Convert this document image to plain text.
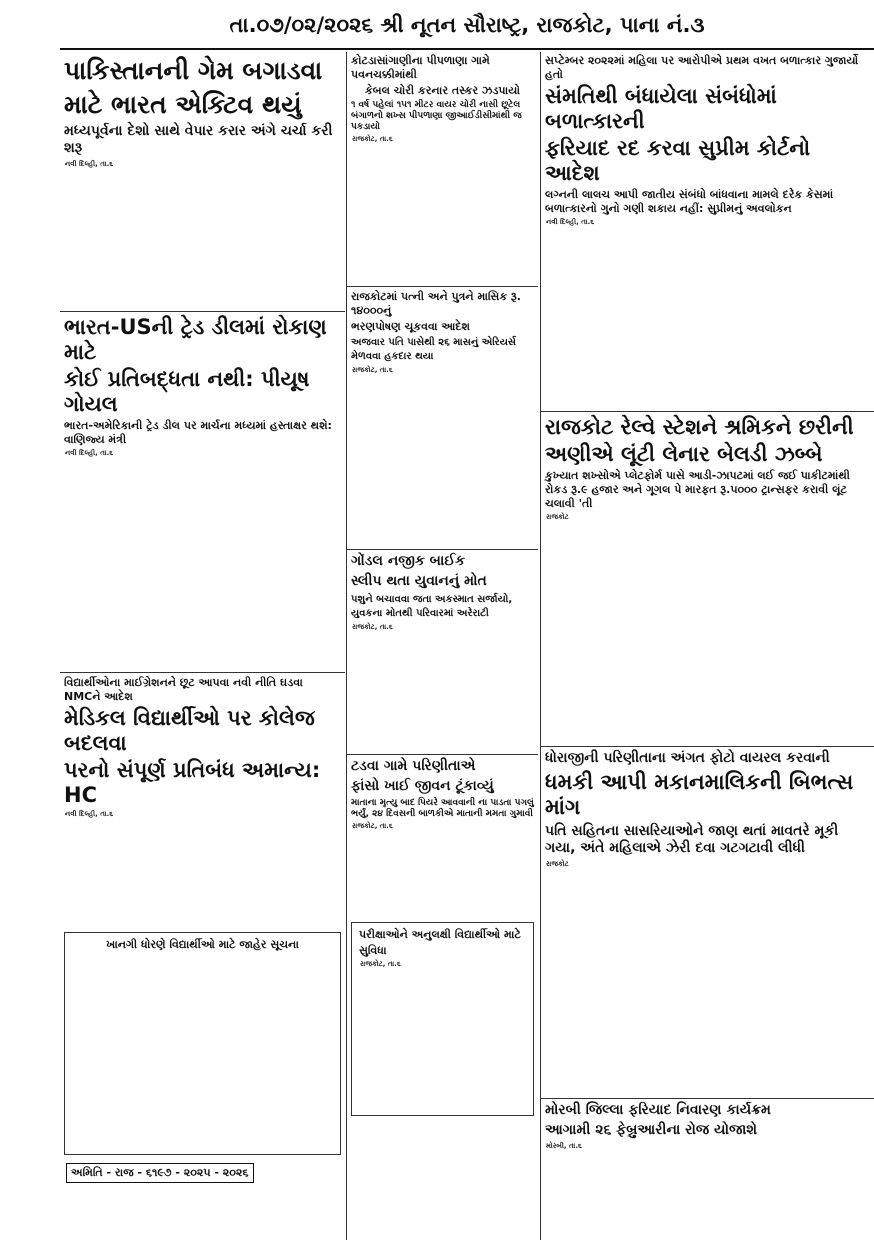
તા.૦૭/૦૨/૨૦૨૬ શ્રી નૂતન સૌરાષ્ટ્ર, રાજકોટ, પાના નં.૩
પાકિસ્તાનની ગેમ બગાડવા
માટે ભારત એક્ટિવ થયું
મધ્યપૂર્વના દેશો સાથે વેપાર કરાર અંગે ચર્ચા કરી શરૂ
નવી દિલ્હી, તા.૬
ભારત-USની ટ્રેડ ડીલમાં રોકાણ માટે
કોઈ પ્રતિબદ્ધતા નથી: પીયૂષ ગોયલ
ભારત-અમેરિકાની ટ્રેડ ડીલ પર માર્ચના મધ્યમાં હસ્તાક્ષર થશે: વાણિજ્ય મંત્રી
નવી દિલ્હી, તા.૬
વિદ્યાર્થીઓના માઈગ્રેશનને છૂટ આપવા નવી નીતિ ઘડવા NMCને આદેશ
મેડિકલ વિદ્યાર્થીઓ પર કોલેજ બદલવા
પરનો સંપૂર્ણ પ્રતિબંધ અમાન્ય: HC
નવી દિલ્હી, તા.૬
ખાનગી ધોરણે વિદ્યાર્થીઓ માટે જાહેર સૂચના
અમિતિ - રાજ - ૬૧૯૭ - ૨૦૨૫ - ૨૦૨૬
કોટડાસાંગાણીના પીપળાણા ગામે પવનચક્કીમાંથી
કેબલ ચોરી કરનાર તસ્કર ઝડપાયો
૧ વર્ષ પહેલાં ૧૫૧ મીટર વાયર ચોરી નાસી છૂટેલ બંગાળનો શખ્સ પીપળાણા જીઆઈડીસીમાંથી જ પકડાયો
રાજકોટ, તા.૬
રાજકોટમાં પત્ની અને પુત્રને માસિક રૂ. ૧૪૦૦૦નું
ભરણપોષણ ચૂકવવા આદેશ
અજવાર પતિ પાસેથી ૨૬ માસનું એરિયર્સ મેળવવા હકદાર થયા
રાજકોટ, તા.૬
ગોંડલ નજીક બાઈક
સ્લીપ થતા યુવાનનું મોત
પશુને બચાવવા જતા અકસ્માત સર્જાયો, યુવકના મોતથી પરિવારમાં અરેરાટી
રાજકોટ, તા.૬
ટડવા ગામે પરિણીતાએ
ફાંસો ખાઈ જીવન ટૂંકાવ્યું
માતાના મૃત્યુ બાદ પિયરે આવવાની ના પાડતા પગલું ભર્યું, ૨૪ દિવસની બાળકીએ માતાની મમતા ગુમાવી
રાજકોટ, તા.૬
પરીક્ષાઓને અનુલક્ષી વિદ્યાર્થીઓ માટે
સુવિધા
રાજકોટ, તા.૬
સપ્ટેમ્બર ૨૦૨૨માં મહિલા પર આરોપીએ પ્રથમ વખત બળાત્કાર ગુજાર્યો હતો
સંમતિથી બંધાયેલા સંબંધોમાં બળાત્કારની
ફરિયાદ રદ કરવા સુપ્રીમ કોર્ટનો આદેશ
લગ્નની લાલચ આપી જાતીય સંબંધો બાંધવાના મામલે દરેક કેસમાં બળાત્કારનો ગુનો ગણી શકાય નહીં: સુપ્રીમનું અવલોકન
નવી દિલ્હી, તા.૬
રાજકોટ રેલ્વે સ્ટેશને શ્રમિકને છરીની
અણીએ લૂંટી લેનાર બેલડી ઝબ્બે
કુખ્યાત શખ્સોએ પ્લેટફોર્મ પાસે આડી-ઝાપટમાં લઈ જઈ પાકીટમાંથી રોકડ રૂ.૯ હજાર અને ગૂગલ પે મારફત રૂ.૫૦૦૦ ટ્રાન્સફર કરાવી લૂંટ ચલાવી 'તી
રાજકોટ
ધોરાજીની પરિણીતાના અંગત ફોટો વાયરલ કરવાની
ધમકી આપી મકાનમાલિકની બિભત્સ માંગ
પતિ સહિતના સાસરિયાઓને જાણ થતાં માવતરે મૂકી ગયા, અંતે મહિલાએ ઝેરી દવા ગટગટાવી લીધી
રાજકોટ
મોરબી જિલ્લા ફરિયાદ નિવારણ કાર્યક્રમ
આગામી ૨૬ ફેબ્રુઆરીના રોજ યોજાશે
મોરબી, તા.૬
